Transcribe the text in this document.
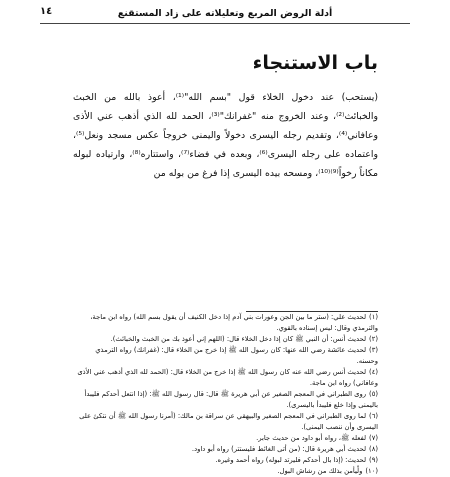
أدلة الروض المربع وتعليلاته على زاد المستقنع
١٤
باب الاستنجاء

(يستحب) عند دخول الخلاء قول "بسم الله"⁽¹⁾، أعوذ بالله من الخبث والخبائث⁽²⁾، وعند الخروج منه "غفرانك"⁽³⁾، الحمد لله الذي أذهب عني الأذى وعافاني⁽⁴⁾، وتقديم رجله اليسرى دخولاً واليمنى خروجاً عكس مسجد ونعل⁽⁵⁾، واعتماده على رجله اليسرى⁽⁶⁾، وبعده في فضاء⁽⁷⁾، واستتاره⁽⁸⁾، وارتياده لبوله مكاناً رخواً⁽⁹⁾⁽¹⁰⁾، ومسحه بيده اليسرى إذا فرغ من بوله من

(١)لحديث علي: (ستر ما بين الجن وعورات بني آدم إذا دخل الكنيف أن يقول بسم الله) رواه ابن ماجة، والترمذي وقال: ليس إسناده بالقوي.
(٢)لحديث أنس: أن النبي ﷺ كان إذا دخل الخلاء قال: (اللهم إني أعوذ بك من الخبث والخبائث).
(٣)لحديث عائشة رضي الله عنها: كان رسول الله ﷺ إذا خرج من الخلاء قال: (غفرانك) رواه الترمذي وحسنه.
(٤)لحديث أنس رضي الله عنه كان رسول الله ﷺ إذا خرج من الخلاء قال: (الحمد لله الذي أذهب عني الأذى وعافاني) رواه ابن ماجة.
(٥)روى الطبراني في المعجم الصغير عن أبي هريرة ﷺ قال: قال رسول الله ﷺ: (إذا انتعل أحدكم فليبدأ باليمنى وإذا خلع فليبدأ باليسرى).
(٦)لما روى الطبراني في المعجم الصغير والبيهقي عن سراقة بن مالك: (أمرنا رسول الله ﷺ أن نتكئ على اليسرى وأن ننصب اليمنى).
(٧)لفعله ﷺ، رواه أبو داود من حديث جابر.
(٨)لحديث أبي هريرة قال: (من أتى الغائط فليستتر) رواه أبو داود.
(٩)لحديث: (إذا بال أحدكم فليرتد لبوله) رواه أحمد وغيره.
(١٠)ولْيأمن بذلك من رشاش البول.
